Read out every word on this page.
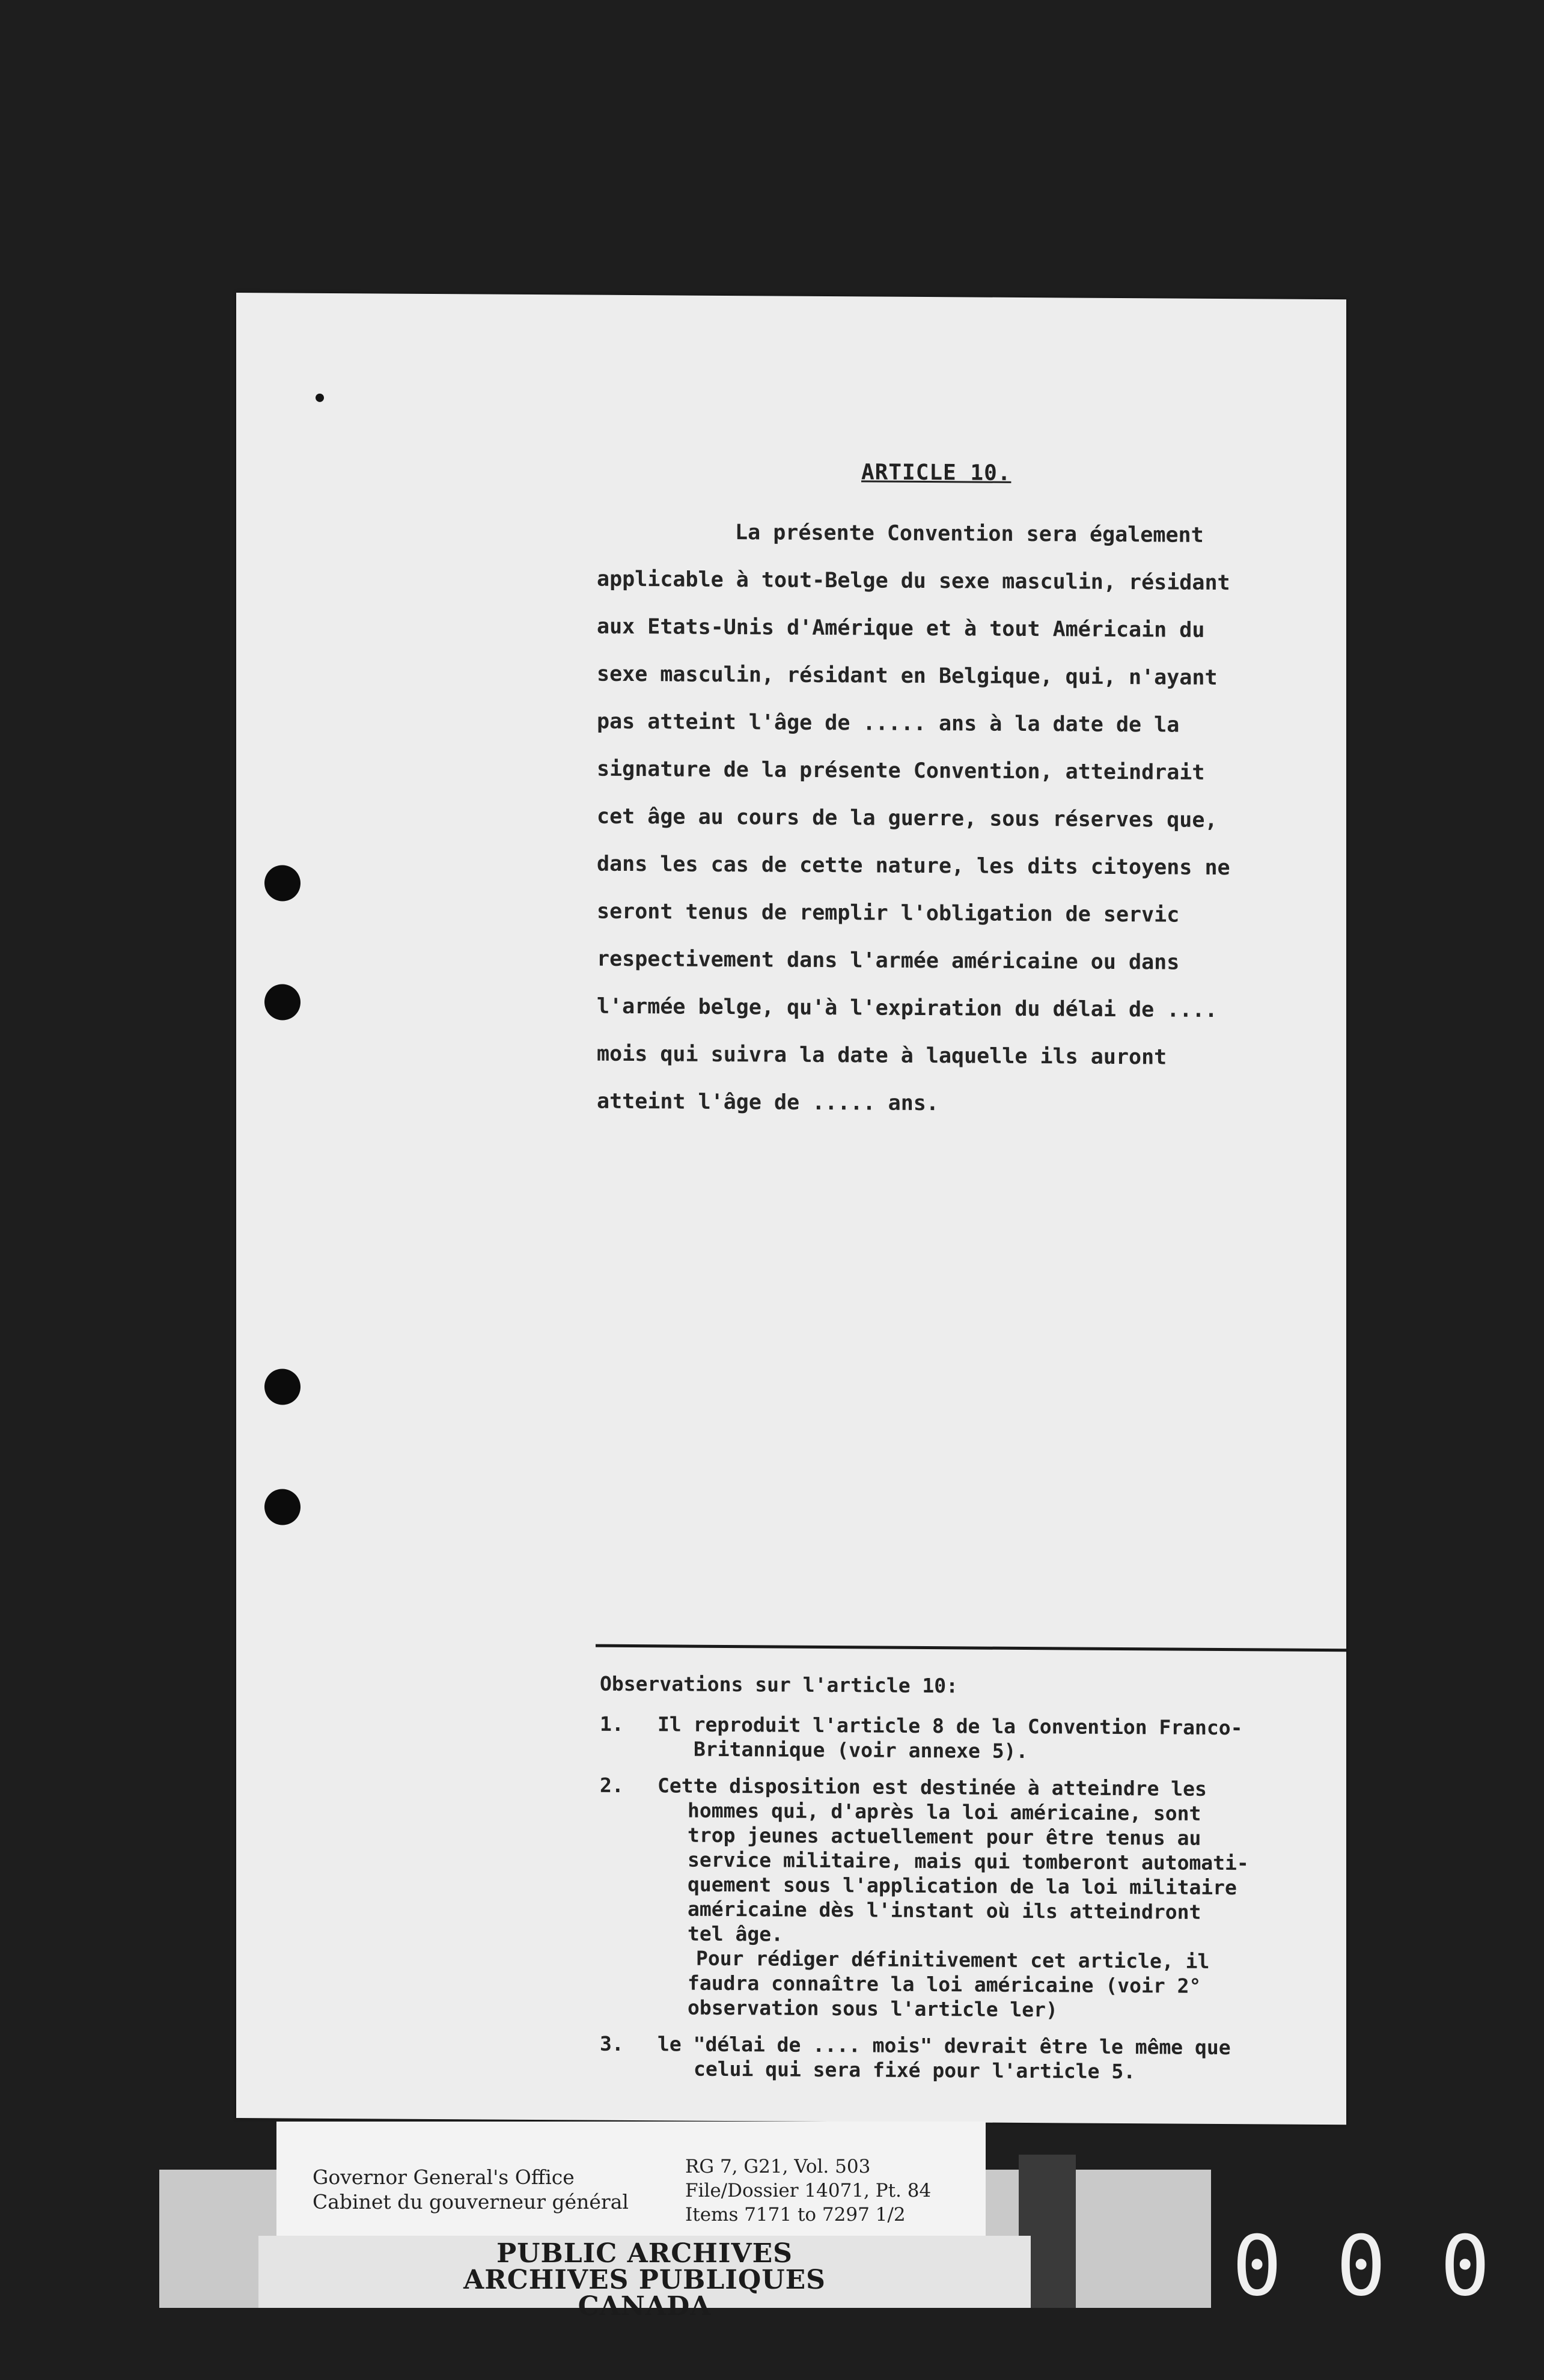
ARTICLE 10.
La présente Convention sera également
applicable à tout-Belge du sexe masculin, résidant
aux Etats-Unis d'Amérique et à tout Américain du
sexe masculin, résidant en Belgique, qui, n'ayant
pas atteint l'âge de ..... ans à la date de la
signature de la présente Convention, atteindrait
cet âge au cours de la guerre, sous réserves que,
dans les cas de cette nature, les dits citoyens ne
seront tenus de remplir l'obligation de servic
respectivement dans l'armée américaine ou dans
l'armée belge, qu'à l'expiration du délai de ....
mois qui suivra la date à laquelle ils auront
atteint l'âge de ..... ans.
Observations sur l'article 10:
1. Il reproduit l'article 8 de la Convention Franco-
Britannique (voir annexe 5).
2. Cette disposition est destinée à atteindre les
hommes qui, d'après la loi américaine, sont
trop jeunes actuellement pour être tenus au
service militaire, mais qui tomberont automati-
quement sous l'application de la loi militaire
américaine dès l'instant où ils atteindront
tel âge.
Pour rédiger définitivement cet article, il
faudra connaître la loi américaine (voir 2°
observation sous l'article ler)
3. le "délai de .... mois" devrait être le même que
celui qui sera fixé pour l'article 5.
Governor General's Office
Cabinet du gouverneur général
RG 7, G21, Vol. 503
File/Dossier 14071, Pt. 84
Items 7171 to 7297 1/2
PUBLIC ARCHIVES
ARCHIVES PUBLIQUES
CANADA	000
